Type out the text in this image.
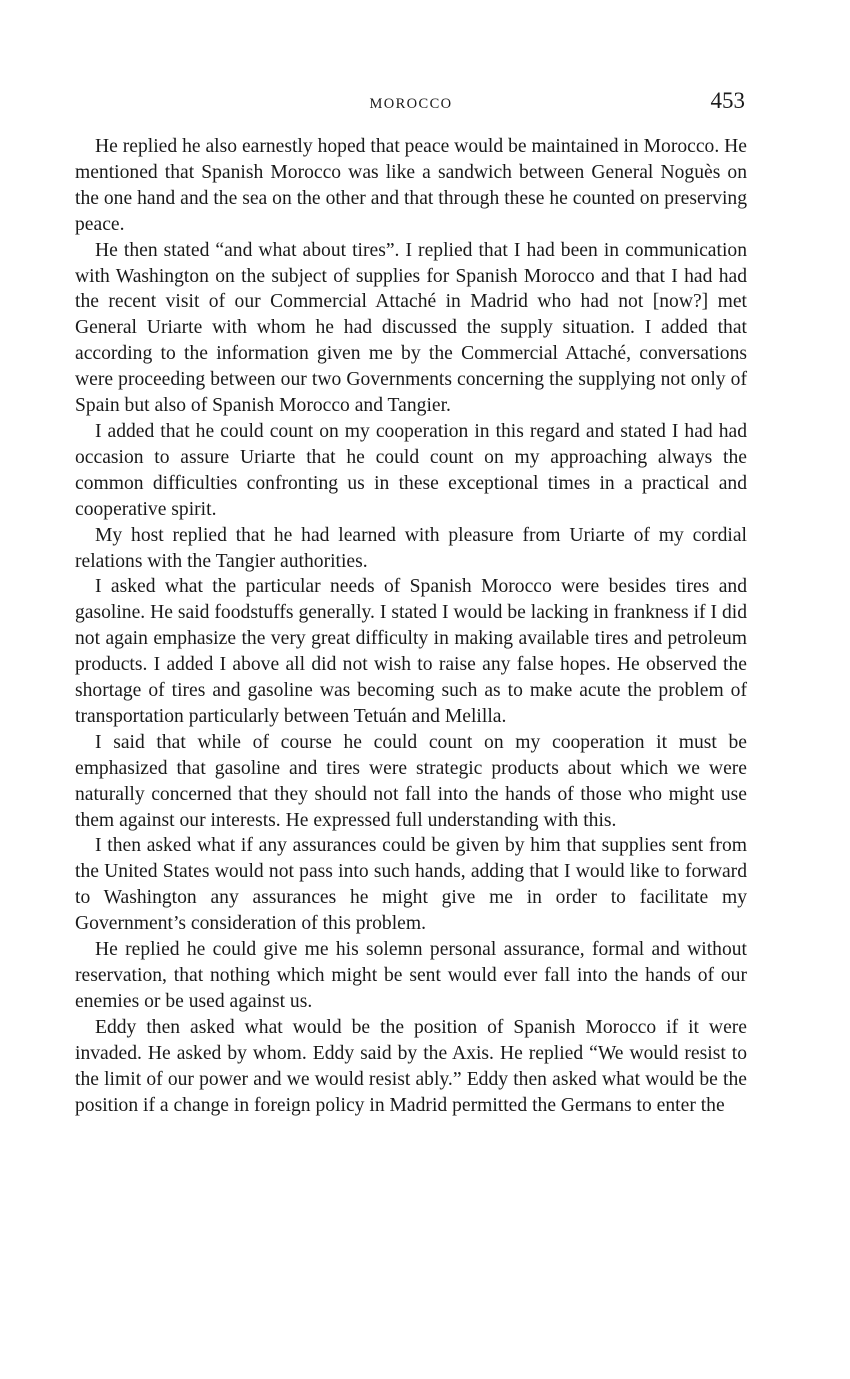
MOROCCO	453

He replied he also earnestly hoped that peace would be maintained in Morocco. He mentioned that Spanish Morocco was like a sandwich between General Noguès on the one hand and the sea on the other and that through these he counted on preserving peace.

He then stated “and what about tires”. I replied that I had been in communication with Washington on the subject of supplies for Spanish Morocco and that I had had the recent visit of our Commercial Attaché in Madrid who had not [now?] met General Uriarte with whom he had discussed the supply situation. I added that according to the information given me by the Commercial Attaché, conversations were proceeding between our two Governments concerning the supplying not only of Spain but also of Spanish Morocco and Tangier.

I added that he could count on my cooperation in this regard and stated I had had occasion to assure Uriarte that he could count on my approaching always the common difficulties confronting us in these exceptional times in a practical and cooperative spirit.

My host replied that he had learned with pleasure from Uriarte of my cordial relations with the Tangier authorities.

I asked what the particular needs of Spanish Morocco were besides tires and gasoline. He said foodstuffs generally. I stated I would be lacking in frankness if I did not again emphasize the very great difficulty in making available tires and petroleum products. I added I above all did not wish to raise any false hopes. He observed the shortage of tires and gasoline was becoming such as to make acute the problem of transportation particularly between Tetuán and Melilla.

I said that while of course he could count on my cooperation it must be emphasized that gasoline and tires were strategic products about which we were naturally concerned that they should not fall into the hands of those who might use them against our interests. He expressed full understanding with this.

I then asked what if any assurances could be given by him that supplies sent from the United States would not pass into such hands, adding that I would like to forward to Washington any assurances he might give me in order to facilitate my Government’s consideration of this problem.

He replied he could give me his solemn personal assurance, formal and without reservation, that nothing which might be sent would ever fall into the hands of our enemies or be used against us.

Eddy then asked what would be the position of Spanish Morocco if it were invaded. He asked by whom. Eddy said by the Axis. He replied “We would resist to the limit of our power and we would resist ably.” Eddy then asked what would be the position if a change in foreign policy in Madrid permitted the Germans to enter the
